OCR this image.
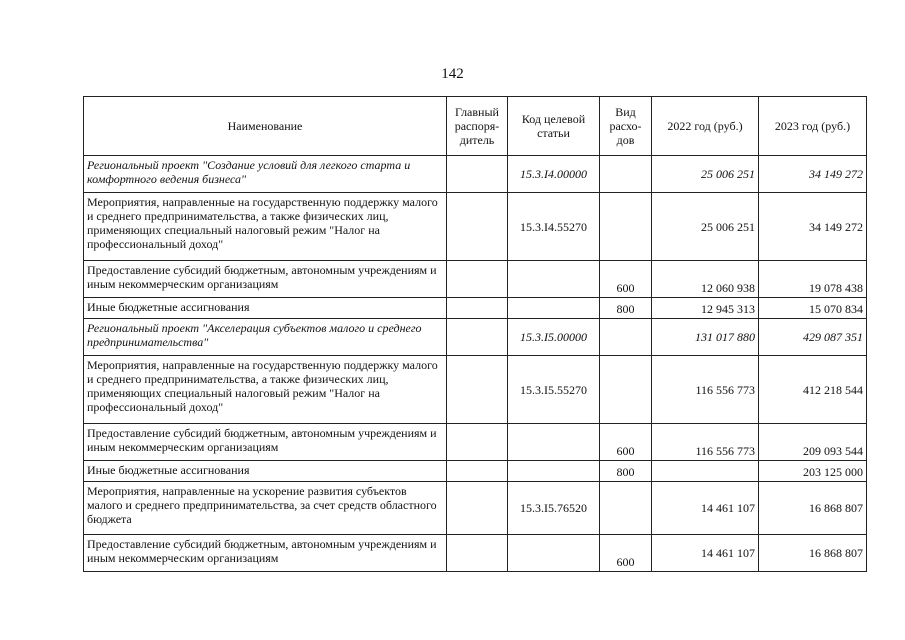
142
Наименование	Главный распоря-дитель	Код целевой статьи	Вид расхо-дов	2022 год (руб.)	2023 год (руб.)
Региональный проект "Создание условий для легкого старта и комфортного ведения бизнеса"		15.3.I4.00000		25 006 251	34 149 272
Мероприятия, направленные на государственную поддержку малого и среднего предпринимательства, а также физических лиц, применяющих специальный налоговый режим "Налог на профессиональный доход"		15.3.I4.55270		25 006 251	34 149 272
Предоставление субсидий бюджетным, автономным учреждениям и иным некоммерческим организациям			600	12 060 938	19 078 438
Иные бюджетные ассигнования			800	12 945 313	15 070 834
Региональный проект "Акселерация субъектов малого и среднего предпринимательства"		15.3.I5.00000		131 017 880	429 087 351
Мероприятия, направленные на государственную поддержку малого и среднего предпринимательства, а также физических лиц, применяющих специальный налоговый режим "Налог на профессиональный доход"		15.3.I5.55270		116 556 773	412 218 544
Предоставление субсидий бюджетным, автономным учреждениям и иным некоммерческим организациям			600	116 556 773	209 093 544
Иные бюджетные ассигнования			800		203 125 000
Мероприятия, направленные на ускорение развития субъектов малого и среднего предпринимательства, за счет средств областного бюджета		15.3.I5.76520		14 461 107	16 868 807
Предоставление субсидий бюджетным, автономным учреждениям и иным некоммерческим организациям			600	14 461 107	16 868 807
